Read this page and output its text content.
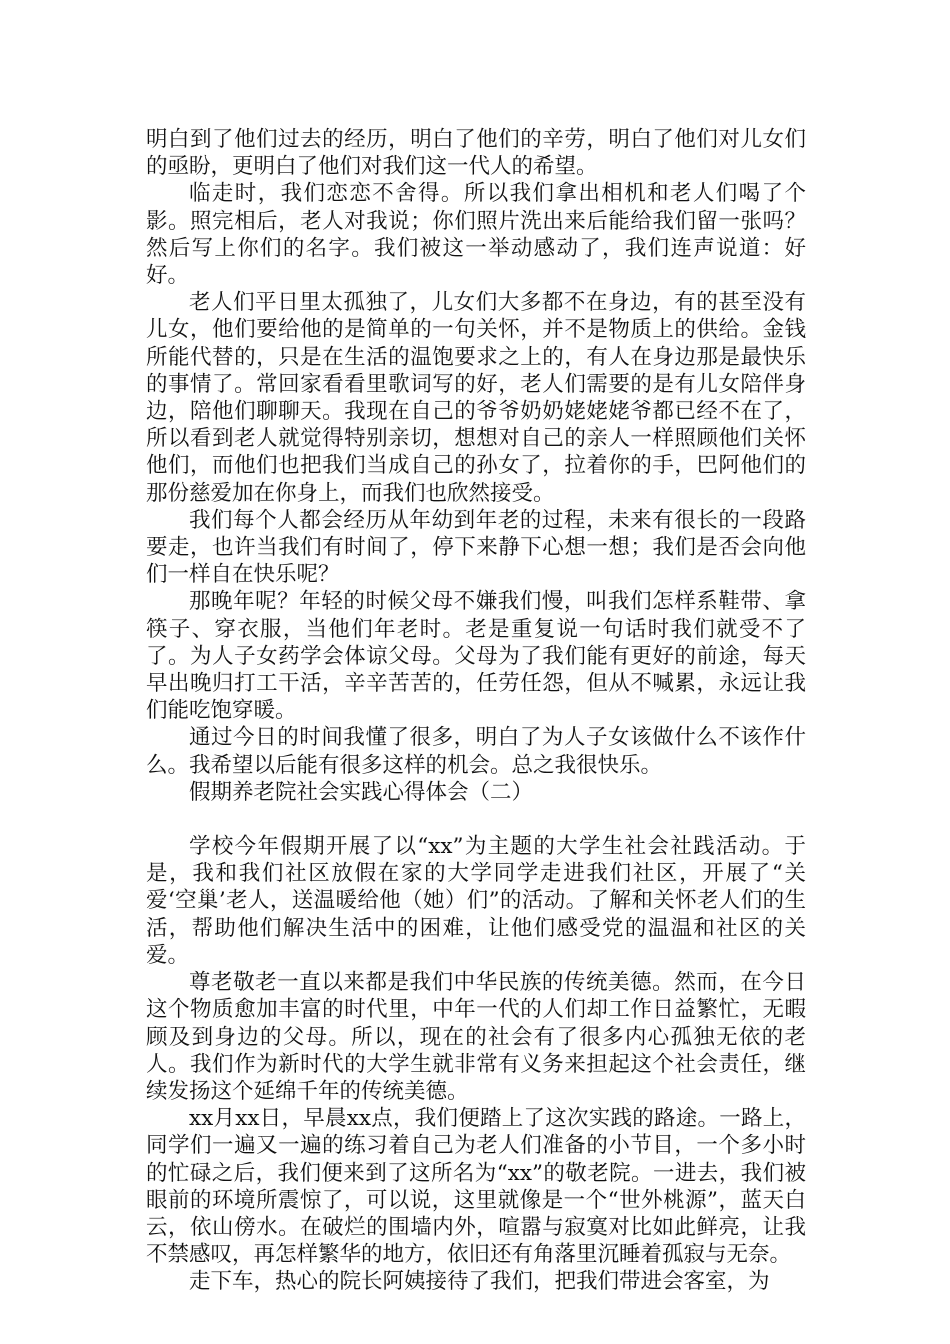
明白到了他们过去的经历，明白了他们的辛劳，明白了他们对儿女们的亟盼，更明白了他们对我们这一代人的希望。

临走时，我们恋恋不舍得。所以我们拿出相机和老人们喝了个影。照完相后，老人对我说；你们照片洗出来后能给我们留一张吗？然后写上你们的名字。我们被这一举动感动了，我们连声说道：好好。

老人们平日里太孤独了，儿女们大多都不在身边，有的甚至没有儿女，他们要给他的是简单的一句关怀，并不是物质上的供给。金钱所能代替的，只是在生活的温饱要求之上的，有人在身边那是最快乐的事情了。常回家看看里歌词写的好，老人们需要的是有儿女陪伴身边，陪他们聊聊天。我现在自己的爷爷奶奶姥姥姥爷都已经不在了，所以看到老人就觉得特别亲切，想想对自己的亲人一样照顾他们关怀他们，而他们也把我们当成自己的孙女了，拉着你的手，巴阿他们的那份慈爱加在你身上，而我们也欣然接受。

我们每个人都会经历从年幼到年老的过程，未来有很长的一段路要走，也许当我们有时间了，停下来静下心想一想；我们是否会向他们一样自在快乐呢？

那晚年呢？年轻的时候父母不嫌我们慢，叫我们怎样系鞋带、拿筷子、穿衣服，当他们年老时。老是重复说一句话时我们就受不了了。为人子女药学会体谅父母。父母为了我们能有更好的前途，每天早出晚归打工干活，辛辛苦苦的，任劳任怨，但从不喊累，永远让我们能吃饱穿暖。

通过今日的时间我懂了很多，明白了为人子女该做什么不该作什么。我希望以后能有很多这样的机会。总之我很快乐。

假期养老院社会实践心得体会（二）

学校今年假期开展了以“xx”为主题的大学生社会社践活动。于是，我和我们社区放假在家的大学同学走进我们社区，开展了“关爱‘空巢’老人，送温暖给他（她）们”的活动。了解和关怀老人们的生活，帮助他们解决生活中的困难，让他们感受党的温温和社区的关爱。

尊老敬老一直以来都是我们中华民族的传统美德。然而，在今日这个物质愈加丰富的时代里，中年一代的人们却工作日益繁忙，无暇顾及到身边的父母。所以，现在的社会有了很多内心孤独无依的老人。我们作为新时代的大学生就非常有义务来担起这个社会责任，继续发扬这个延绵千年的传统美德。

xx月xx日，早晨xx点，我们便踏上了这次实践的路途。一路上，同学们一遍又一遍的练习着自己为老人们准备的小节目，一个多小时的忙碌之后，我们便来到了这所名为“xx”的敬老院。一进去，我们被眼前的环境所震惊了，可以说，这里就像是一个“世外桃源”，蓝天白云，依山傍水。在破烂的围墙内外，喧嚣与寂寞对比如此鲜亮，让我不禁感叹，再怎样繁华的地方，依旧还有角落里沉睡着孤寂与无奈。

走下车，热心的院长阿姨接待了我们，把我们带进会客室，为
